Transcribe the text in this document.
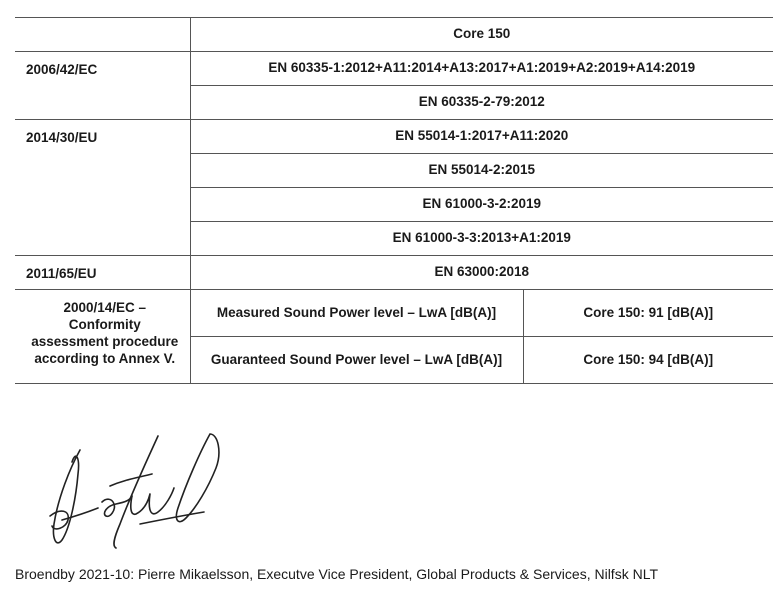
	Core 150	
2006/42/EC	EN 60335-1:2012+A11:2014+A13:2017+A1:2019+A2:2019+A14:2019	
	EN 60335-2-79:2012	
2014/30/EU	EN 55014-1:2017+A11:2020	
	EN 55014-2:2015	
	EN 61000-3-2:2019	
	EN 61000-3-3:2013+A1:2019	
2011/65/EU	EN 63000:2018	

2000/14/EC –
Conformity
assessment procedure
according to Annex V.	Measured Sound Power level – LwA [dB(A)]	Core 150: 91 [dB(A)]
	Guaranteed Sound Power level – LwA [dB(A)]	Core 150: 94 [dB(A)]
Broendby 2021-10: Pierre Mikaelsson, Executve Vice President, Global Products & Services, Nilfsk NLT
